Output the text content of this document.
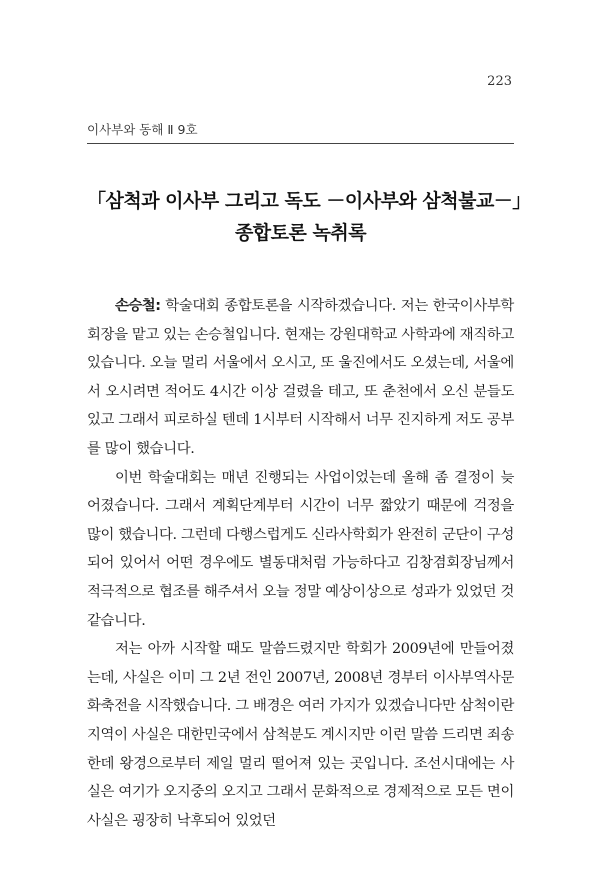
223
이사부와 동해 Ⅱ 9호
「삼척과 이사부 그리고 독도 －이사부와 삼척불교－」
종합토론 녹취록

손승철: 학술대회 종합토론을 시작하겠습니다. 저는 한국이사부학회장을 맡고 있는 손승철입니다. 현재는 강원대학교 사학과에 재직하고 있습니다. 오늘 멀리 서울에서 오시고, 또 울진에서도 오셨는데, 서울에서 오시려면 적어도 4시간 이상 걸렸을 테고, 또 춘천에서 오신 분들도 있고 그래서 피로하실 텐데 1시부터 시작해서 너무 진지하게 저도 공부를 많이 했습니다.

이번 학술대회는 매년 진행되는 사업이었는데 올해 좀 결정이 늦어졌습니다. 그래서 계획단계부터 시간이 너무 짧았기 때문에 걱정을 많이 했습니다. 그런데 다행스럽게도 신라사학회가 완전히 군단이 구성되어 있어서 어떤 경우에도 별동대처럼 가능하다고 김창겸회장님께서 적극적으로 협조를 해주셔서 오늘 정말 예상이상으로 성과가 있었던 것 같습니다.

저는 아까 시작할 때도 말씀드렸지만 학회가 2009년에 만들어졌는데, 사실은 이미 그 2년 전인 2007년, 2008년 경부터 이사부역사문화축전을 시작했습니다. 그 배경은 여러 가지가 있겠습니다만 삼척이란 지역이 사실은 대한민국에서 삼척분도 계시지만 이런 말씀 드리면 죄송한데 왕경으로부터 제일 멀리 떨어져 있는 곳입니다. 조선시대에는 사실은 여기가 오지중의 오지고 그래서 문화적으로 경제적으로 모든 면이 사실은 굉장히 낙후되어 있었던
